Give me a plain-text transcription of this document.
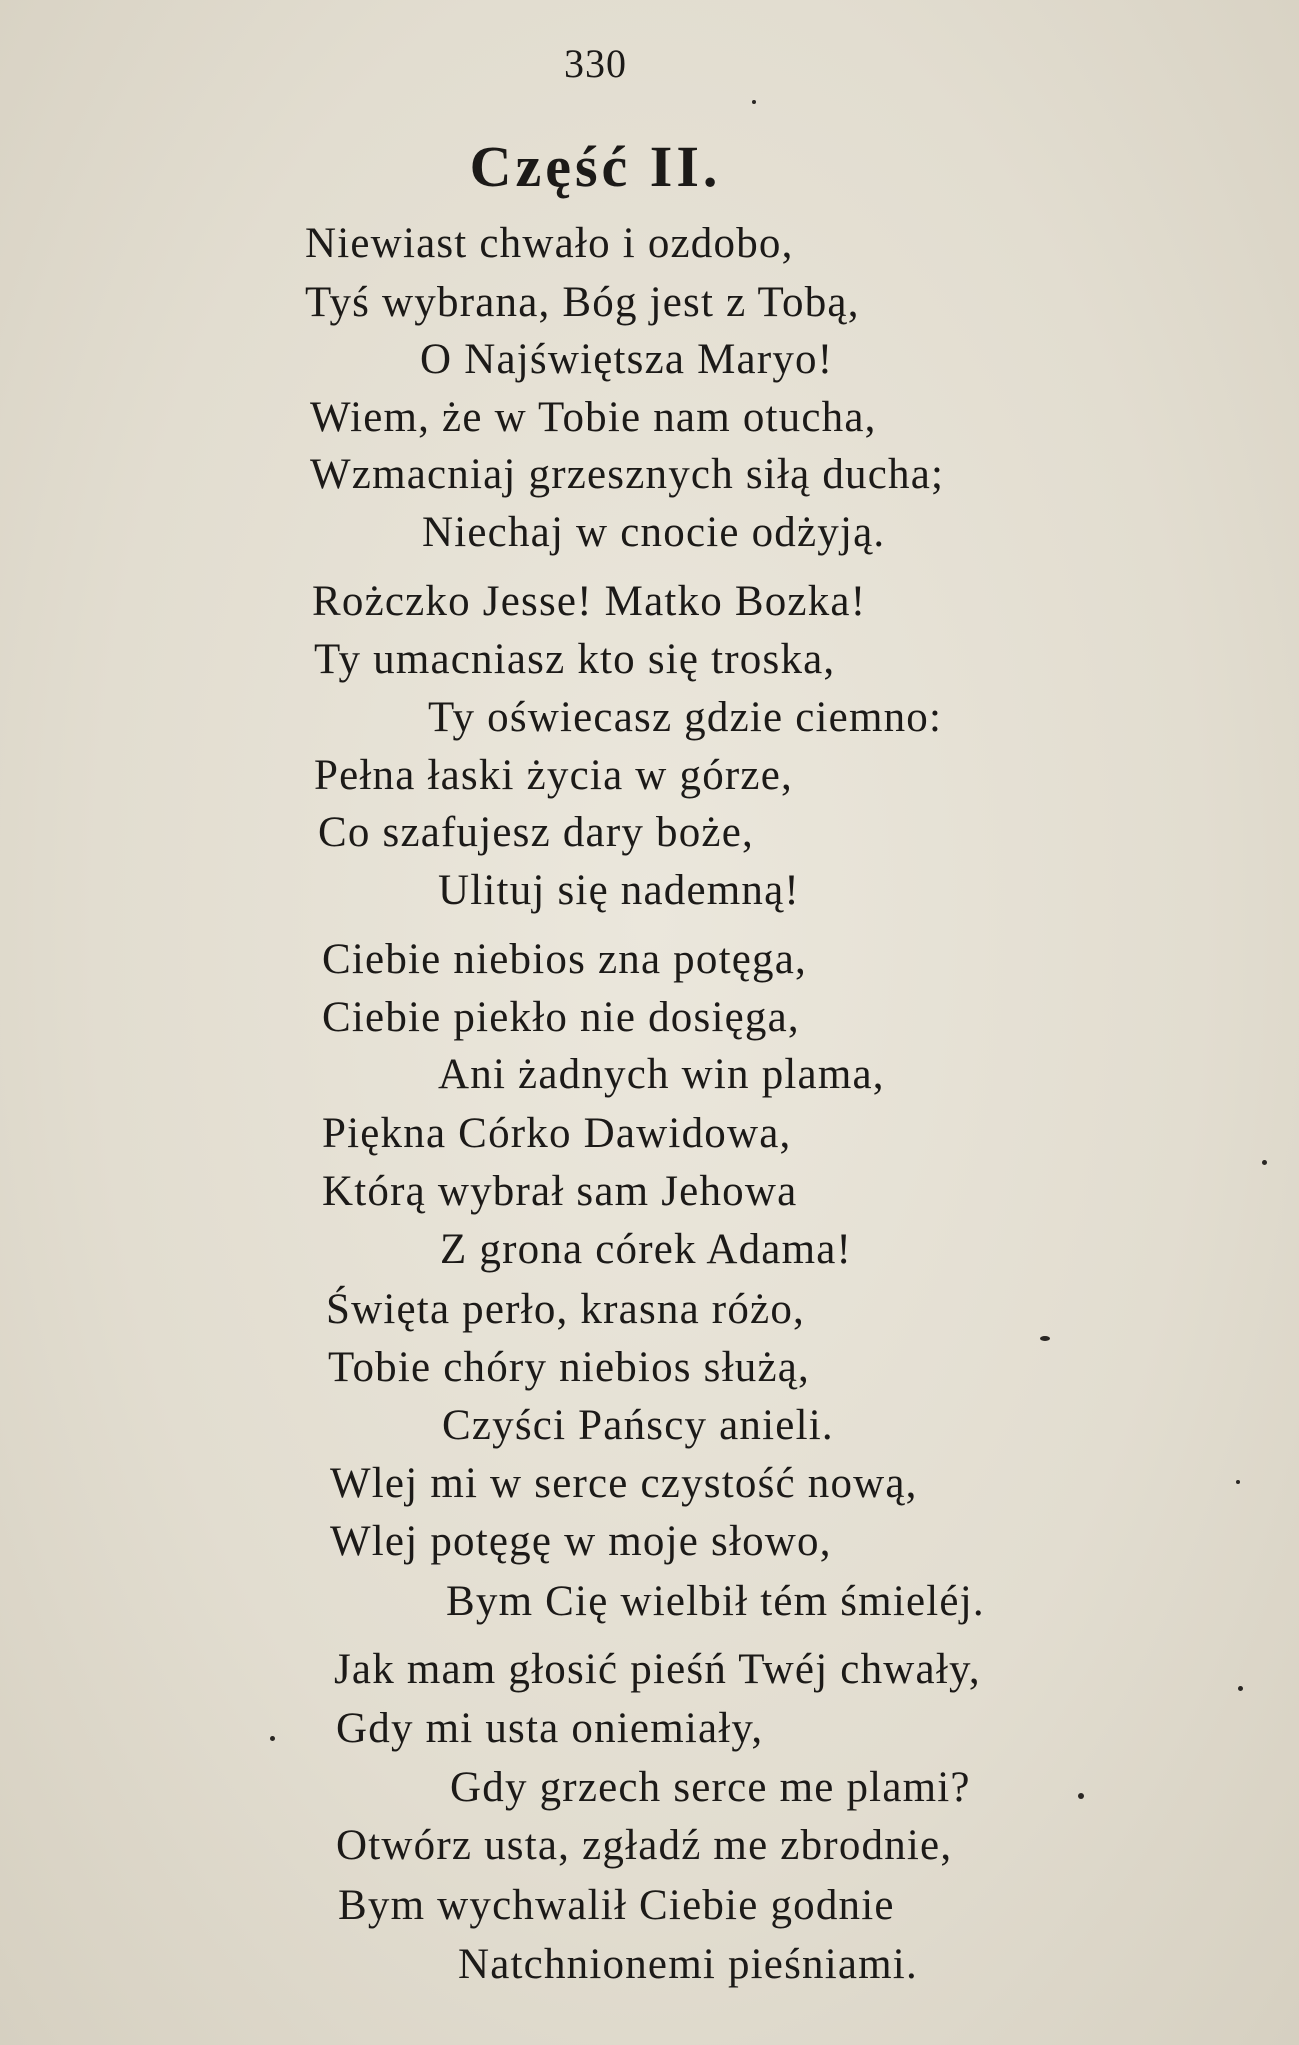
330
Część II.
Niewiast chwało i ozdobo,
Tyś wybrana, Bóg jest z Tobą,
O Najświętsza Maryo!
Wiem, że w Tobie nam otucha,
Wzmacniaj grzesznych siłą ducha;
Niechaj w cnocie odżyją.
Rożczko Jesse! Matko Bozka!
Ty umacniasz kto się troska,
Ty oświecasz gdzie ciemno:
Pełna łaski życia w górze,
Co szafujesz dary boże,
Ulituj się nademną!
Ciebie niebios zna potęga,
Ciebie piekło nie dosięga,
Ani żadnych win plama,
Piękna Córko Dawidowa,
Którą wybrał sam Jehowa
Z grona córek Adama!
Święta perło, krasna różo,
Tobie chóry niebios służą,
Czyści Pańscy anieli.
Wlej mi w serce czystość nową,
Wlej potęgę w moje słowo,
Bym Cię wielbił tém śmieléj.
Jak mam głosić pieśń Twéj chwały,
Gdy mi usta oniemiały,
Gdy grzech serce me plami?
Otwórz usta, zgładź me zbrodnie,
Bym wychwalił Ciebie godnie
Natchnionemi pieśniami.
